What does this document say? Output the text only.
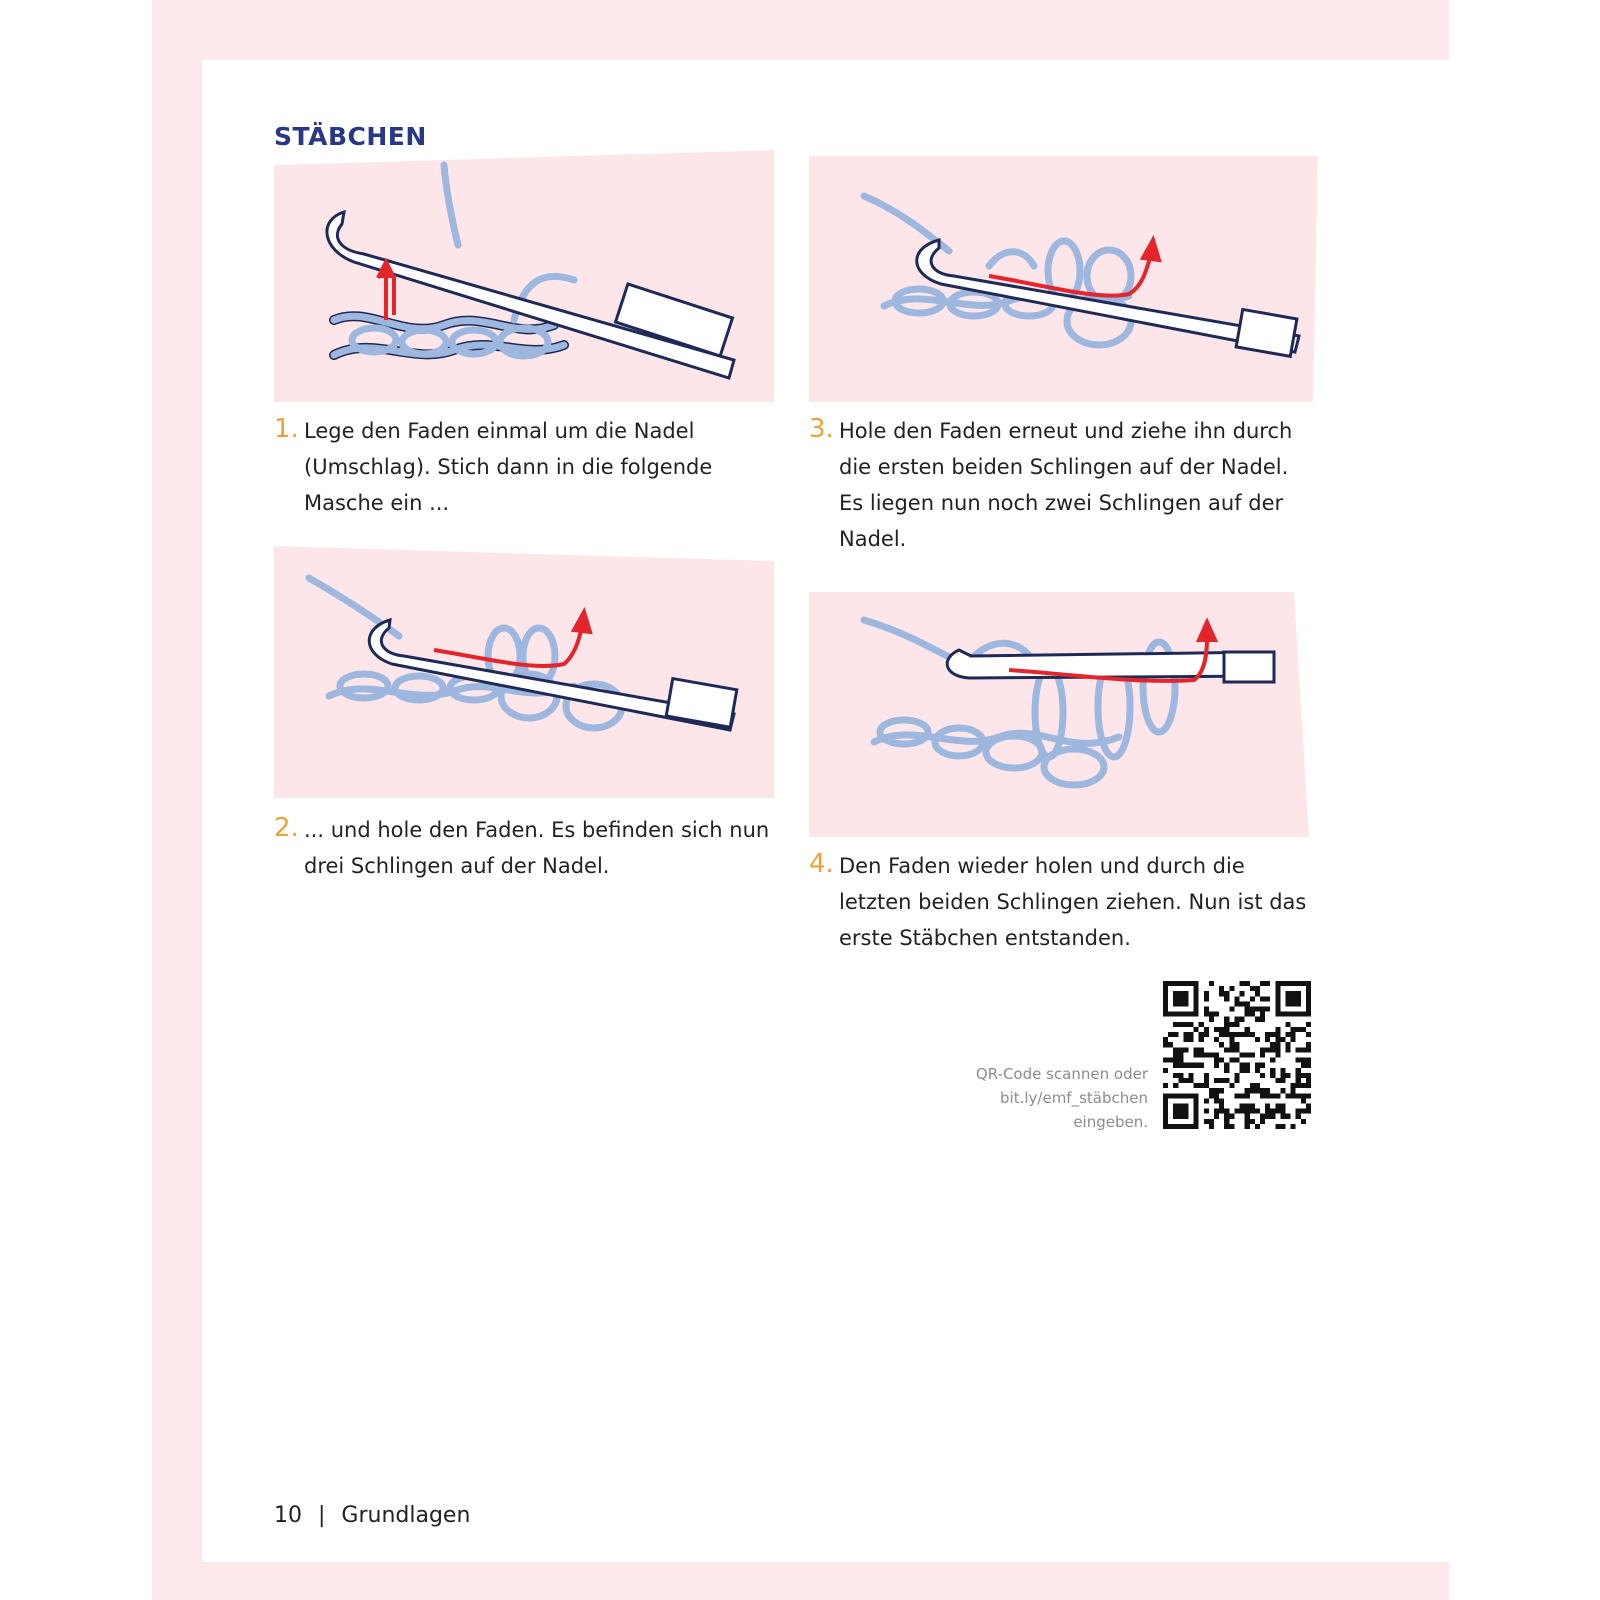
STÄBCHEN
1. Lege den Faden einmal um die Nadel (Umschlag). Stich dann in die folgende Masche ein ...
2. ... und hole den Faden. Es befinden sich nun drei Schlingen auf der Nadel.
3. Hole den Faden erneut und ziehe ihn durch die ersten beiden Schlingen auf der Nadel. Es liegen nun noch zwei Schlingen auf der Nadel.
4. Den Faden wieder holen und durch die letzten beiden Schlingen ziehen. Nun ist das erste Stäbchen entstanden.
QR-Code scannen oder
bit.ly/emf_stäbchen
eingeben.
10 | Grundlagen
